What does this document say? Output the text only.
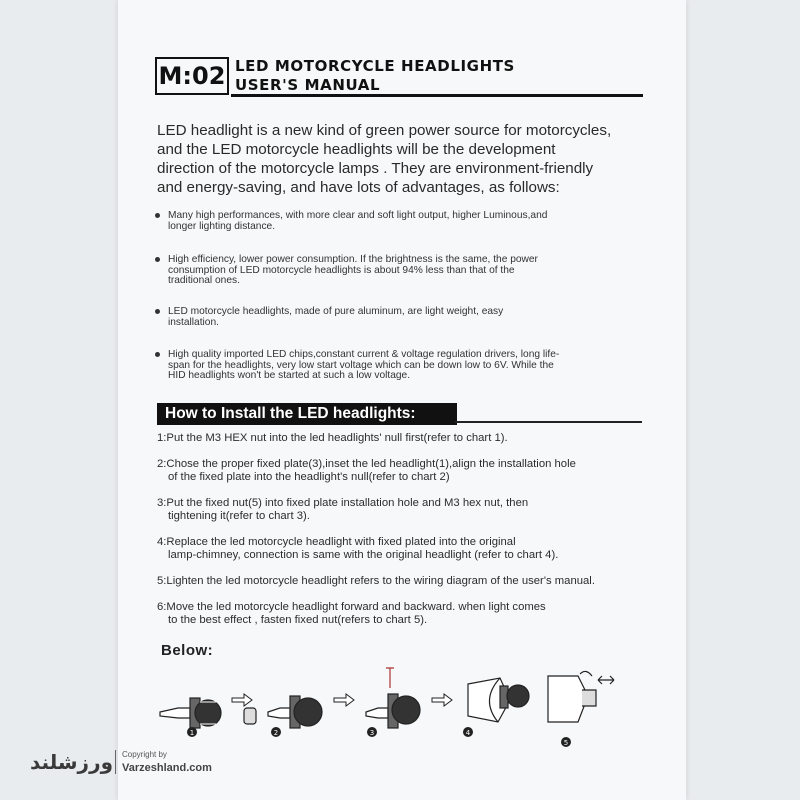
M:02 LED MOTORCYCLE HEADLIGHTS
USER'S MANUAL
LED headlight is a new kind of green power source for motorcycles,
and the LED motorcycle headlights will be the development
direction of the motorcycle lamps . They are environment-friendly
and energy-saving, and have lots of advantages, as follows:
Many high performances, with more clear and soft light output, higher Luminous,and
longer lighting distance.
High efficiency, lower power consumption. If the brightness is the same, the power
consumption of LED motorcycle headlights is about 94% less than that of the
traditional ones.
LED motorcycle headlights, made of pure aluminum, are light weight, easy
installation.
High quality imported LED chips,constant current & voltage regulation drivers, long life-
span for the headlights, very low start voltage which can be down low to 6V. While the
HID headlights won't be started at such a low voltage.
How to Install the LED headlights:
1:Put the M3 HEX nut into the led headlights' null first(refer to chart 1).
2:Chose the proper fixed plate(3),inset the led headlight(1),align the installation hole
of the fixed plate into the headlight's null(refer to chart 2)
3:Put the fixed nut(5) into fixed plate installation hole and M3 hex nut, then
tightening it(refer to chart 3).
4:Replace the led motorcycle headlight with fixed plated into the original
lamp-chimney, connection is same with the original headlight (refer to chart 4).
5:Lighten the led motorcycle headlight refers to the wiring diagram of the user's manual.
6:Move the led motorcycle headlight forward and backward. when light comes
to the best effect , fasten fixed nut(refers to chart 5).
Below:
1	2	3	4
5
ورزشلند Copyright by
Varzeshland.com
